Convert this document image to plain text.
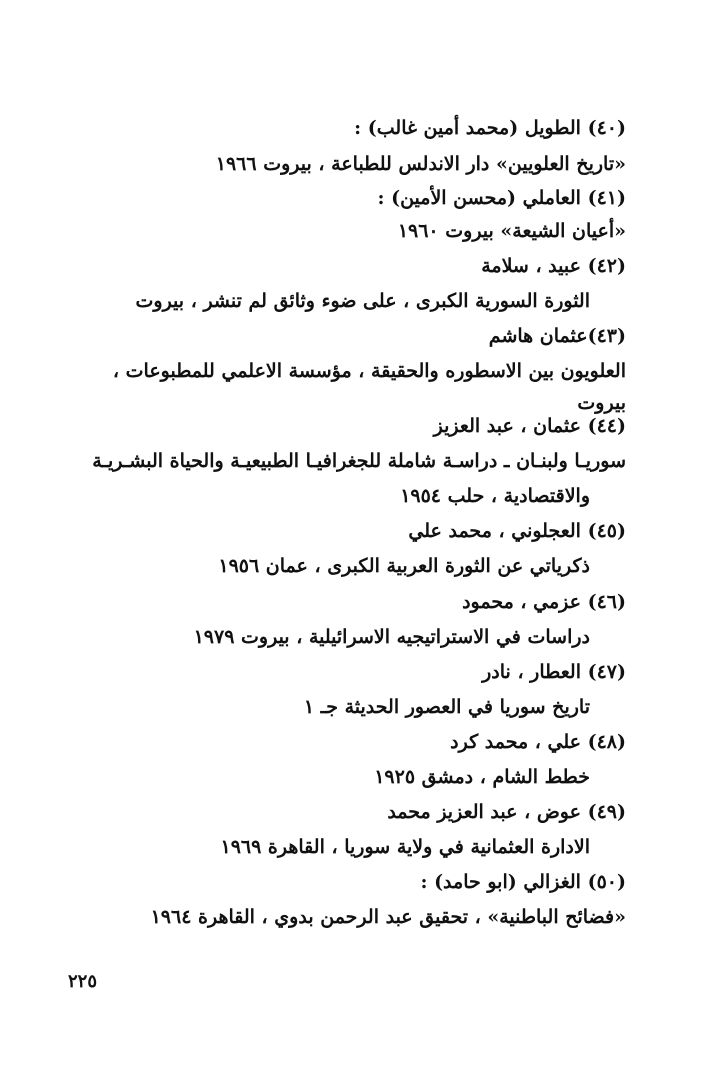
(٤٠) الطويل (محمد أمين غالب) :
«تاريخ العلويين» دار الاندلس للطباعة ، بيروت ١٩٦٦
(٤١) العاملي (محسن الأمين) :
«أعيان الشيعة» بيروت ١٩٦٠
(٤٢) عبيد ، سلامة
الثورة السورية الكبرى ، على ضوء وثائق لم تنشر ، بيروت
(٤٣)عثمان هاشم
العلويون بين الاسطوره والحقيقة ، مؤسسة الاعلمي للمطبوعات ،
بيروت
(٤٤) عثمان ، عبد العزيز
سوريـا ولبنـان ـ دراسـة شاملة للجغرافيـا الطبيعيـة والحياة البشـريـة
والاقتصادية ، حلب ١٩٥٤
(٤٥) العجلوني ، محمد علي
ذكرياتي عن الثورة العربية الكبرى ، عمان ١٩٥٦
(٤٦) عزمي ، محمود
دراسات في الاستراتيجيه الاسرائيلية ، بيروت ١٩٧٩
(٤٧) العطار ، نادر
تاريخ سوريا في العصور الحديثة جـ ١
(٤٨) علي ، محمد كرد
خطط الشام ، دمشق ١٩٢٥
(٤٩) عوض ، عبد العزيز محمد
الادارة العثمانية في ولاية سوريا ، القاهرة ١٩٦٩
(٥٠) الغزالي (ابو حامد) :
«فضائح الباطنية» ، تحقيق عبد الرحمن بدوي ، القاهرة ١٩٦٤
٢٢٥
